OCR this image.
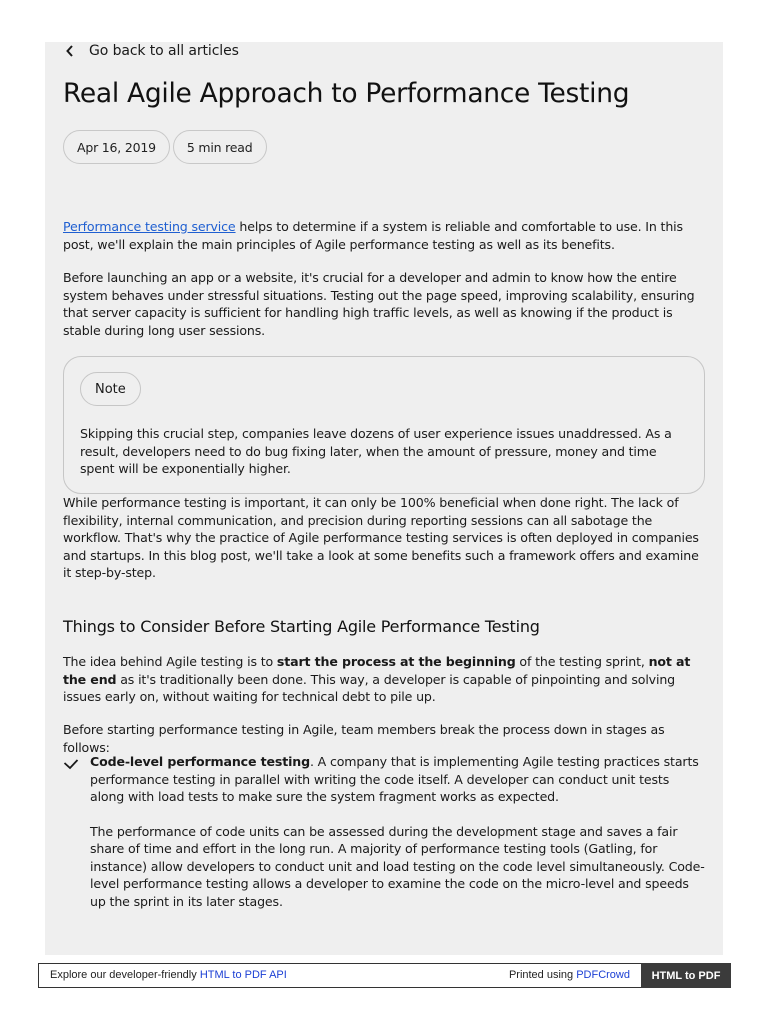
Go back to all articles
Real Agile Approach to Performance Testing
Apr 16, 2019	5 min read

Performance testing service helps to determine if a system is reliable and comfortable to use. In this post, we'll explain the main principles of Agile performance testing as well as its benefits.

Before launching an app or a website, it's crucial for a developer and admin to know how the entire system behaves under stressful situations. Testing out the page speed, improving scalability, ensuring that server capacity is sufficient for handling high traffic levels, as well as knowing if the product is stable during long user sessions.

Note

Skipping this crucial step, companies leave dozens of user experience issues unaddressed. As a result, developers need to do bug fixing later, when the amount of pressure, money and time spent will be exponentially higher.

While performance testing is important, it can only be 100% beneficial when done right. The lack of flexibility, internal communication, and precision during reporting sessions can all sabotage the workflow. That's why the practice of Agile performance testing services is often deployed in companies and startups. In this blog post, we'll take a look at some benefits such a framework offers and examine it step-by-step.

Things to Consider Before Starting Agile Performance Testing

The idea behind Agile testing is to start the process at the beginning of the testing sprint, not at the end as it's traditionally been done. This way, a developer is capable of pinpointing and solving issues early on, without waiting for technical debt to pile up.

Before starting performance testing in Agile, team members break the process down in stages as follows:

Code-level performance testing. A company that is implementing Agile testing practices starts performance testing in parallel with writing the code itself. A developer can conduct unit tests along with load tests to make sure the system fragment works as expected.

The performance of code units can be assessed during the development stage and saves a fair share of time and effort in the long run. A majority of performance testing tools (Gatling, for instance) allow developers to conduct unit and load testing on the code level simultaneously. Code-level performance testing allows a developer to examine the code on the micro-level and speeds up the sprint in its later stages.

Explore our developer-friendly HTML to PDF API	Printed using PDFCrowd	HTML to PDF
